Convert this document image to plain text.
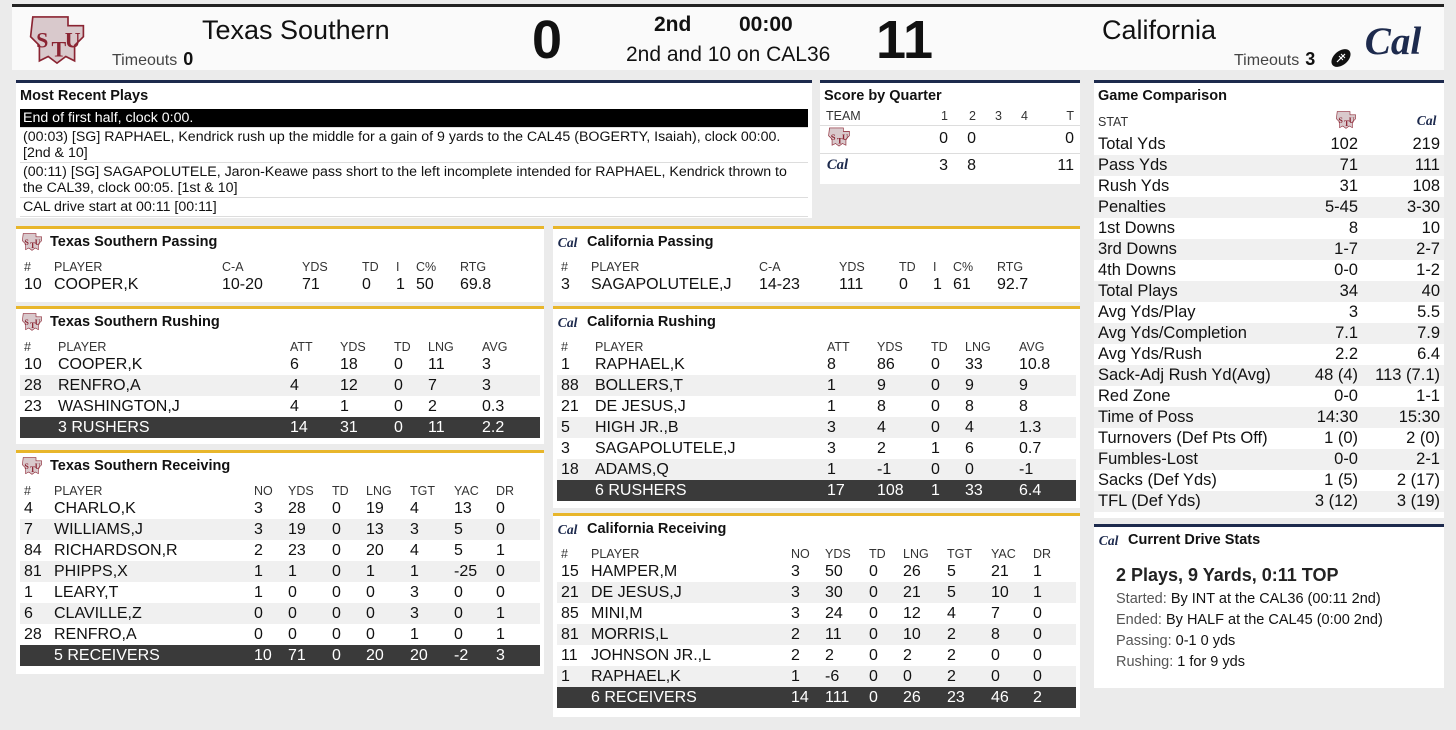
Texas Southern
Timeouts 0	0	2nd 00:00
2nd and 10 on CAL36 11	California
Timeouts 3
Most Recent Plays
End of first half, clock 0:00.
(00:03) [SG] RAPHAEL, Kendrick rush up the middle for a gain of 9 yards to the CAL45 (BOGERTY, Isaiah), clock 00:00. [2nd & 10]
(00:11) [SG] SAGAPOLUTELE, Jaron-Keawe pass short to the left incomplete intended for RAPHAEL, Kendrick thrown to the CAL39, clock 00:05. [1st & 10]
CAL drive start at 00:11 [00:11]
Score by Quarter
TEAM	1	2	3	4	T
	0	0			0
	3	8			11
Game Comparison
STAT		
Total Yds	102	219
Pass Yds	71	111
Rush Yds	31	108
Penalties	5-45	3-30
1st Downs	8	10
3rd Downs	1-7	2-7
4th Downs	0-0	1-2
Total Plays	34	40
Avg Yds/Play	3	5.5
Avg Yds/Completion	7.1	7.9
Avg Yds/Rush	2.2	6.4
Sack-Adj Rush Yd(Avg)	48 (4)	113 (7.1)
Red Zone	0-0	1-1
Time of Poss	14:30	15:30
Turnovers (Def Pts Off)	1 (0)	2 (0)
Fumbles-Lost	0-0	2-1
Sacks (Def Yds)	1 (5)	2 (17)
TFL (Def Yds)	3 (12)	3 (19)
Current Drive Stats
2 Plays, 9 Yards, 0:11 TOP
Started: By INT at the CAL36 (00:11 2nd)
Ended: By HALF at the CAL45 (0:00 2nd)
Passing: 0-1 0 yds
Rushing: 1 for 9 yds
Texas Southern Passing
#	PLAYER	C-A	YDS	TD	I	C%	RTG
10	COOPER,K	10-20	71	0	1	50	69.8
California Passing
#	PLAYER	C-A	YDS	TD	I	C%	RTG
3	SAGAPOLUTELE,J	14-23	111	0	1	61	92.7
Texas Southern Rushing
#	PLAYER	ATT	YDS	TD	LNG	AVG
10	COOPER,K	6	18	0	11	3
28	RENFRO,A	4	12	0	7	3
23	WASHINGTON,J	4	1	0	2	0.3
	3 RUSHERS	14	31	0	11	2.2
California Rushing
#	PLAYER	ATT	YDS	TD	LNG	AVG
1	RAPHAEL,K	8	86	0	33	10.8
88	BOLLERS,T	1	9	0	9	9
21	DE JESUS,J	1	8	0	8	8
5	HIGH JR.,B	3	4	0	4	1.3
3	SAGAPOLUTELE,J	3	2	1	6	0.7
18	ADAMS,Q	1	-1	0	0	-1
	6 RUSHERS	17	108	1	33	6.4
Texas Southern Receiving
#	PLAYER	NO	YDS	TD	LNG	TGT	YAC	DR
4	CHARLO,K	3	28	0	19	4	13	0
7	WILLIAMS,J	3	19	0	13	3	5	0
84	RICHARDSON,R	2	23	0	20	4	5	1
81	PHIPPS,X	1	1	0	1	1	-25	0
1	LEARY,T	1	0	0	0	3	0	0
6	CLAVILLE,Z	0	0	0	0	3	0	1
28	RENFRO,A	0	0	0	0	1	0	1
	5 RECEIVERS	10	71	0	20	20	-2	3
California Receiving
#	PLAYER	NO	YDS	TD	LNG	TGT	YAC	DR
15	HAMPER,M	3	50	0	26	5	21	1
21	DE JESUS,J	3	30	0	21	5	10	1
85	MINI,M	3	24	0	12	4	7	0
81	MORRIS,L	2	11	0	10	2	8	0
11	JOHNSON JR.,L	2	2	0	2	2	0	0
1	RAPHAEL,K	1	-6	0	0	2	0	0
	6 RECEIVERS	14	111	0	26	23	46	2
